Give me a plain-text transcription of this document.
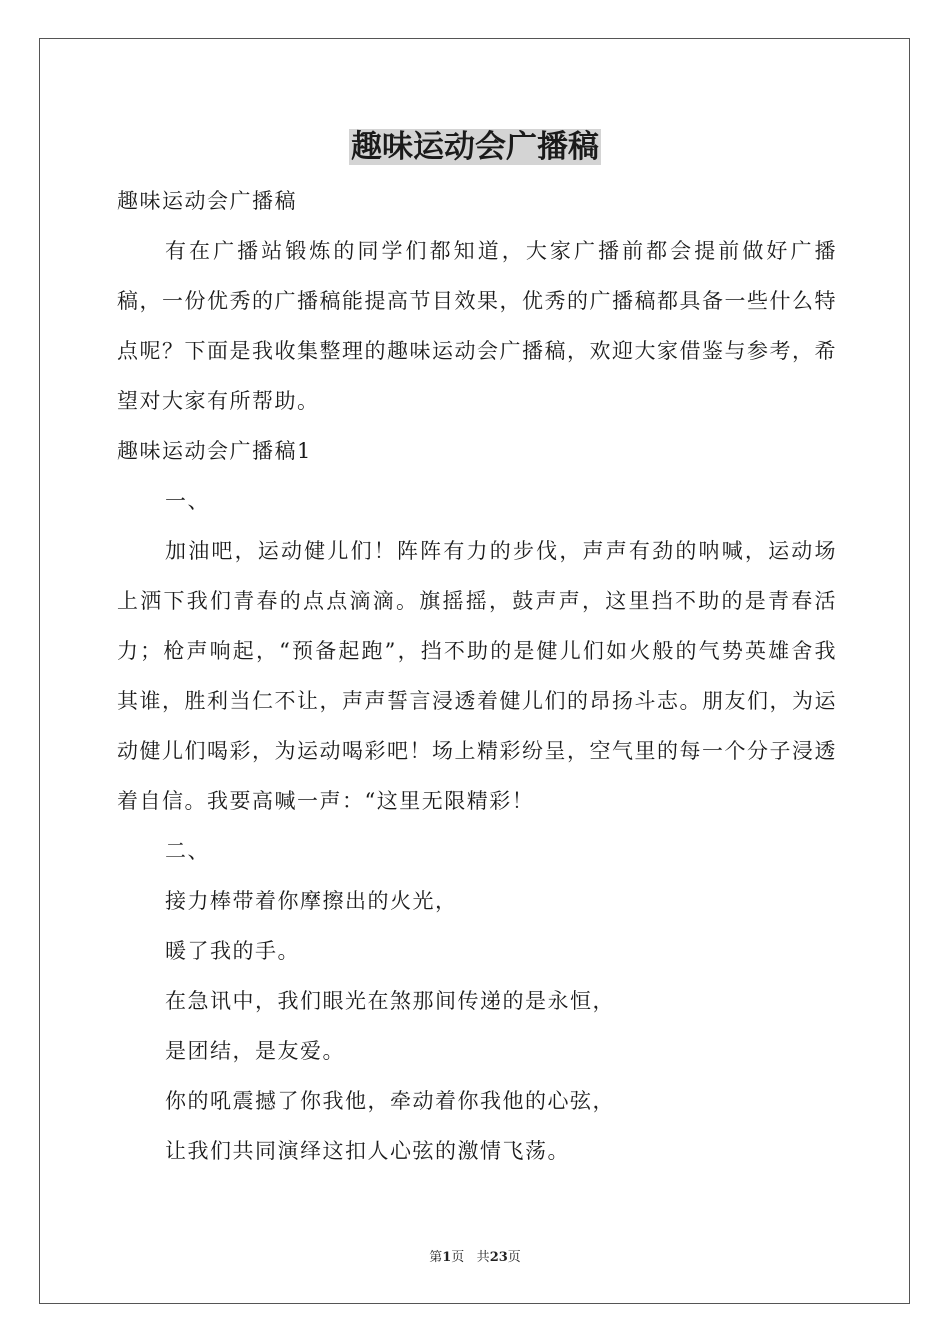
趣味运动会广播稿

趣味运动会广播稿

有在广播站锻炼的同学们都知道，大家广播前都会提前做好广播稿，一份优秀的广播稿能提高节目效果，优秀的广播稿都具备一些什么特点呢？下面是我收集整理的趣味运动会广播稿，欢迎大家借鉴与参考，希望对大家有所帮助。

趣味运动会广播稿1

一、

加油吧，运动健儿们！阵阵有力的步伐，声声有劲的呐喊，运动场上洒下我们青春的点点滴滴。旗摇摇，鼓声声，这里挡不助的是青春活力；枪声响起，“预备起跑”，挡不助的是健儿们如火般的气势英雄舍我其谁，胜利当仁不让，声声誓言浸透着健儿们的昂扬斗志。朋友们，为运动健儿们喝彩，为运动喝彩吧！场上精彩纷呈，空气里的每一个分子浸透着自信。我要高喊一声：“这里无限精彩！

二、

接力棒带着你摩擦出的火光，

暖了我的手。

在急讯中，我们眼光在煞那间传递的是永恒，

是团结，是友爱。

你的吼震撼了你我他，牵动着你我他的心弦，

让我们共同演绎这扣人心弦的激情飞荡。

第1页 共23页
